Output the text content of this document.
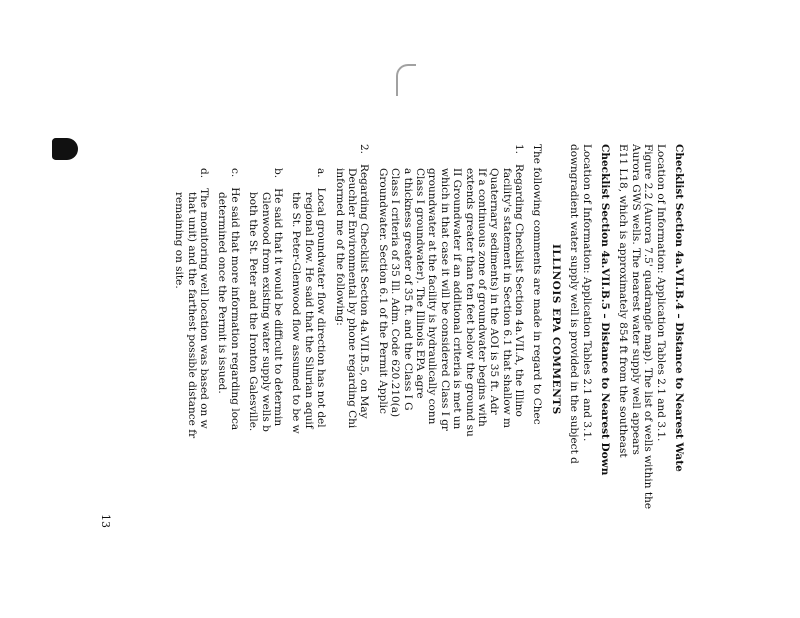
Checklist Section 4a.VII.B.4 – Distance to Nearest Wate
Location of Information: Application Tables 2.1 and 3.1.
Figure 2.2 (Aurora 7.5' quadrangle map). The list of wells within the
Aurora GWS wells. The nearest water supply well appears
E11 L18, which is approximately 854 ft from the southeast
Checklist Section 4a.VII.B.5 – Distance to Nearest Down
Location of Information: Application Tables 2.1 and 3.1.
downgradient water supply well is provided in the subject d
ILLINOIS EPA COMMENTS
The following comments are made in regard to Chec
1.   Regarding Checklist Section 4a.VII.A, the Illino
facility's statement in Section 6.1 that shallow m
Quaternary sediments) in the AOI is 35 ft. Adr
If a continuous zone of groundwater begins with
extends greater than ten feet below the ground su
II Groundwater if an additional criteria is met un
which in that case it will be considered Class I gr
groundwater at the facility is hydraulically conn
Class I groundwater). The Illinois EPA agre
a thickness greater of 35 ft. and the Class I G
Class I criteria of 35 Ill. Adm. Code 620.210(a)
Groundwater. Section 6.1 of the Permit Applic
2.   Regarding Checklist Section 4a.VII.B.5, on May
Deuchler Environmental by phone regarding Chi
informed me of the following:
a.   Local groundwater flow direction has not del
regional flow. He said that the Silurian aquif
the St. Peter-Glenwood flow assumed to be w
b.   He said that it would be difficult to determin
Glenwood from existing water supply wells b
both the St. Peter and the Ironton Galesville.
c.   He said that more information regarding loca
determined once the Permit is issued.
d.   The monitoring well location was based on w
that unit) and the farthest possible distance fr
remaining on site.
13
